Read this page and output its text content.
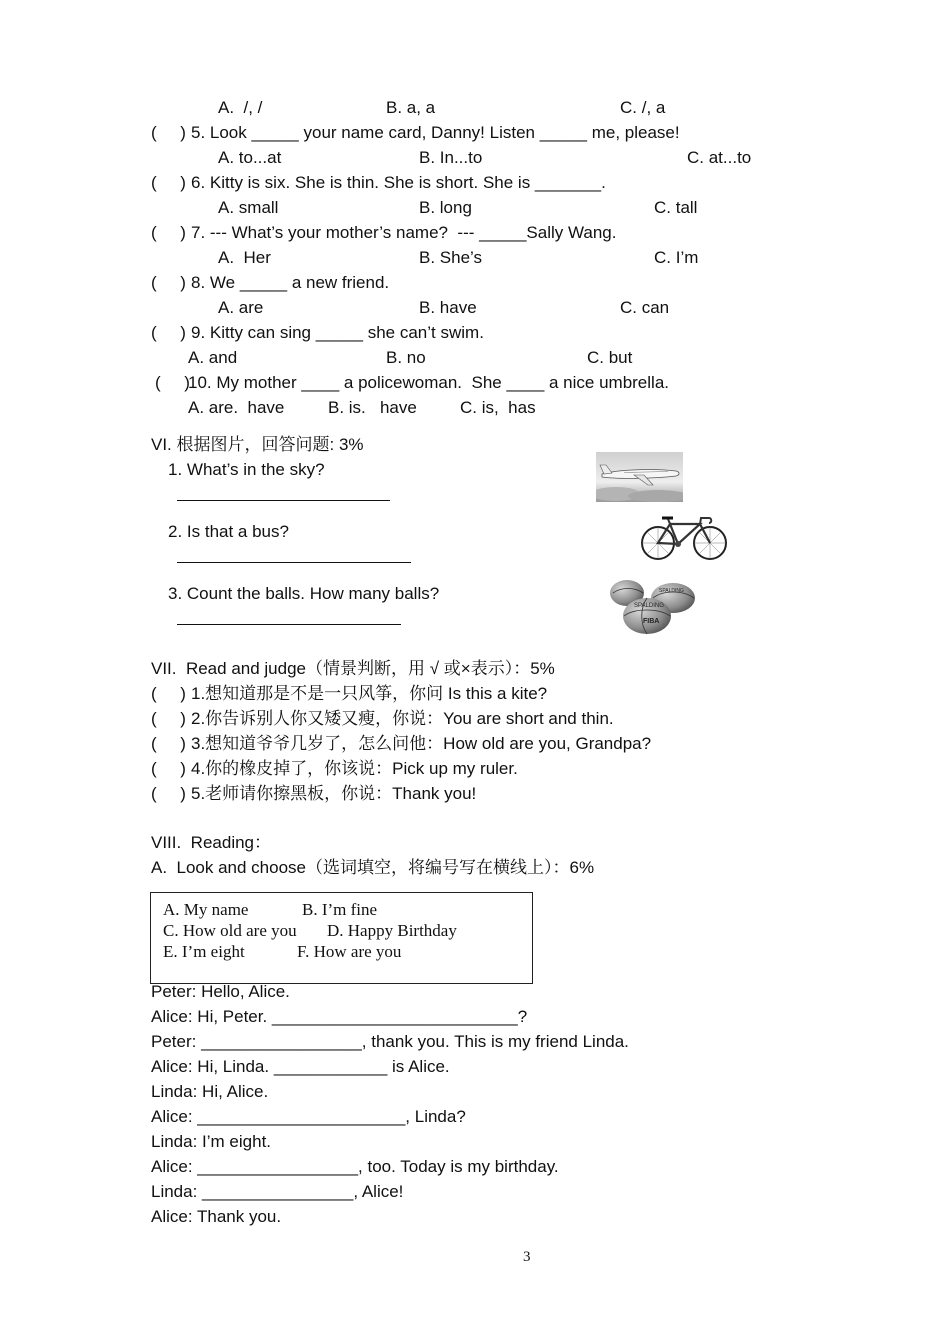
A.  /, /	B. a, a	C. /, a
(     ) 5. Look _____ your name card, Danny! Listen _____ me, please!
A. to...at	B. In...to	C. at...to
(     ) 6. Kitty is six. She is thin. She is short. She is _______.
A. small	B. long	C. tall
(     ) 7. --- What’s your mother’s name?  --- _____Sally Wang.
A.  Her	B. She’s	C. I’m
(     ) 8. We _____ a new friend.
A. are	B. have	C. can
(     ) 9. Kitty can sing _____ she can’t swim.
A. and	B. no	C. but
(     )
10. My mother ____ a policewoman.  She ____ a nice umbrella.
A. are.  have	B. is.   have	C. is,  has
VI. 根据图片，回答问题: 3%
1. What’s in the sky?
2. Is that a bus?
3. Count the balls. How many balls?
SPALDING
SPALDING
FIBA
VII.  Read and judge（情景判断，用 √ 或×表示）：5%
(     ) 1.想知道那是不是一只风筝，你问 Is this a kite?
(     ) 2.你告诉别人你又矮又瘦，你说：You are short and thin.
(     ) 3.想知道爷爷几岁了，怎么问他：How old are you, Grandpa?
(     ) 4.你的橡皮掉了，你该说：Pick up my ruler.
(     ) 5.老师请你擦黑板，你说：Thank you!
VIII.  Reading：
A.  Look and choose（选词填空，将编号写在横线上）：6%
A. My name	B. I’m fine
C. How old are you D. Happy Birthday
E. I’m eight	F. How are you
Peter: Hello, Alice.
Alice: Hi, Peter. __________________________?
Peter: _________________, thank you. This is my friend Linda.
Alice: Hi, Linda. ____________ is Alice.
Linda: Hi, Alice.
Alice: ______________________, Linda?
Linda: I’m eight.
Alice: _________________, too. Today is my birthday.
Linda: ________________, Alice!
Alice: Thank you.
3
